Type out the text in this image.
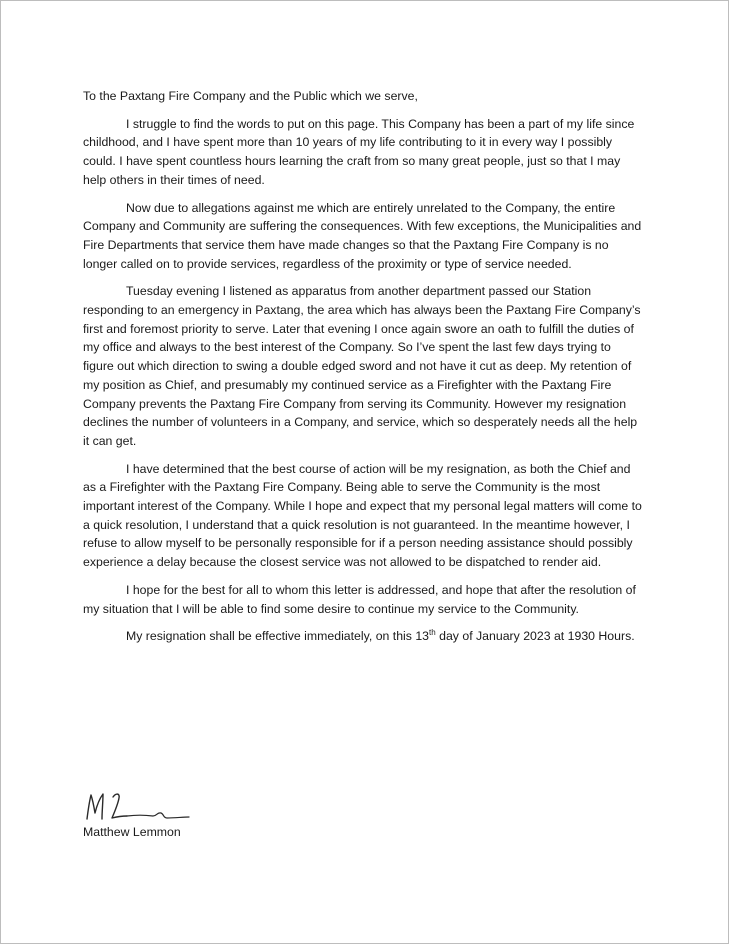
To the Paxtang Fire Company and the Public which we serve,

I struggle to find the words to put on this page. This Company has been a part of my life since childhood, and I have spent more than 10 years of my life contributing to it in every way I possibly could. I have spent countless hours learning the craft from so many great people, just so that I may help others in their times of need.

Now due to allegations against me which are entirely unrelated to the Company, the entire Company and Community are suffering the consequences. With few exceptions, the Municipalities and Fire Departments that service them have made changes so that the Paxtang Fire Company is no longer called on to provide services, regardless of the proximity or type of service needed.

Tuesday evening I listened as apparatus from another department passed our Station responding to an emergency in Paxtang, the area which has always been the Paxtang Fire Company’s first and foremost priority to serve. Later that evening I once again swore an oath to fulfill the duties of my office and always to the best interest of the Company. So I’ve spent the last few days trying to figure out which direction to swing a double edged sword and not have it cut as deep. My retention of my position as Chief, and presumably my continued service as a Firefighter with the Paxtang Fire Company prevents the Paxtang Fire Company from serving its Community. However my resignation declines the number of volunteers in a Company, and service, which so desperately needs all the help it can get.

I have determined that the best course of action will be my resignation, as both the Chief and as a Firefighter with the Paxtang Fire Company. Being able to serve the Community is the most important interest of the Company. While I hope and expect that my personal legal matters will come to a quick resolution, I understand that a quick resolution is not guaranteed. In the meantime however, I refuse to allow myself to be personally responsible for if a person needing assistance should possibly experience a delay because the closest service was not allowed to be dispatched to render aid.

I hope for the best for all to whom this letter is addressed, and hope that after the resolution of my situation that I will be able to find some desire to continue my service to the Community.

My resignation shall be effective immediately, on this 13th day of January 2023 at 1930 Hours.

Matthew Lemmon
